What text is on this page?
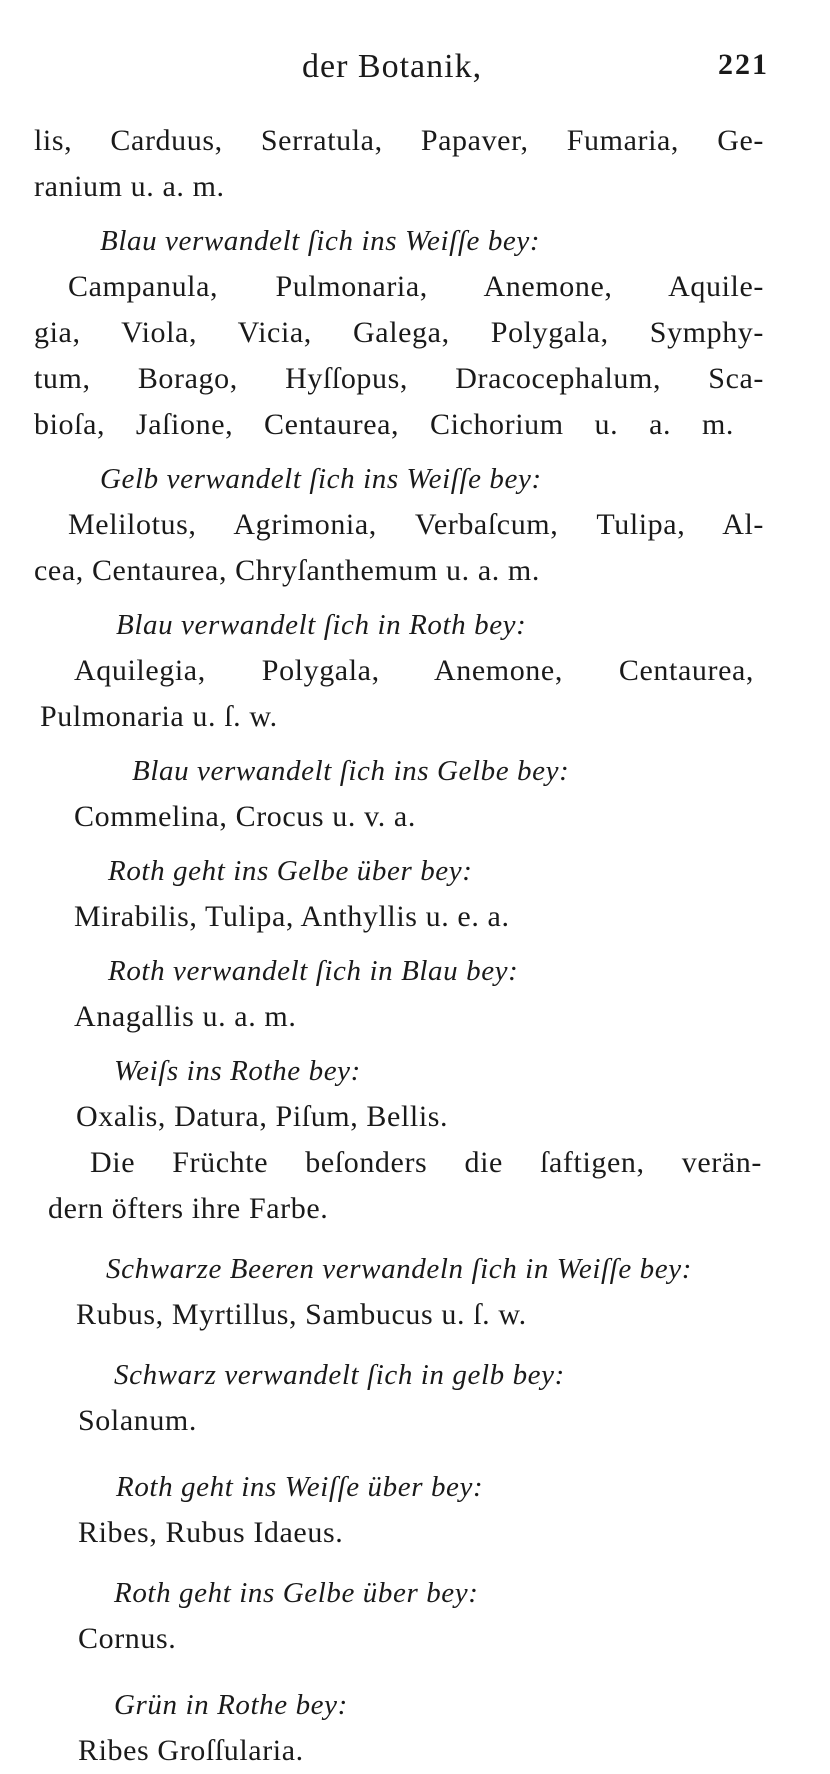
der Botanik,	221
lis, Carduus, Serratula, Papaver, Fumaria, Ge-
ranium u. a. m.
Blau verwandelt ſich ins Weiſſe bey:
Campanula, Pulmonaria, Anemone, Aquile-
gia, Viola, Vicia, Galega, Polygala, Symphy-
tum, Borago, Hyſſopus, Dracocephalum, Sca-
bioſa, Jaſione, Centaurea, Cichorium u. a. m.
Gelb verwandelt ſich ins Weiſſe bey:
Melilotus, Agrimonia, Verbaſcum, Tulipa, Al-
cea, Centaurea, Chryſanthemum u. a. m.
Blau verwandelt ſich in Roth bey:
Aquilegia, Polygala, Anemone, Centaurea,
Pulmonaria u. ſ. w.
Blau verwandelt ſich ins Gelbe bey:
Commelina, Crocus u. v. a.
Roth geht ins Gelbe über bey:
Mirabilis, Tulipa, Anthyllis u. e. a.
Roth verwandelt ſich in Blau bey:
Anagallis u. a. m.
Weiſs ins Rothe bey:
Oxalis, Datura, Piſum, Bellis.
Die Früchte beſonders die ſaftigen, verän-
dern öfters ihre Farbe.
Schwarze Beeren verwandeln ſich in Weiſſe bey:
Rubus, Myrtillus, Sambucus u. ſ. w.
Schwarz verwandelt ſich in gelb bey:
Solanum.
Roth geht ins Weiſſe über bey:
Ribes, Rubus Idaeus.
Roth geht ins Gelbe über bey:
Cornus.
Grün in Rothe bey:
Ribes Groſſularia.
